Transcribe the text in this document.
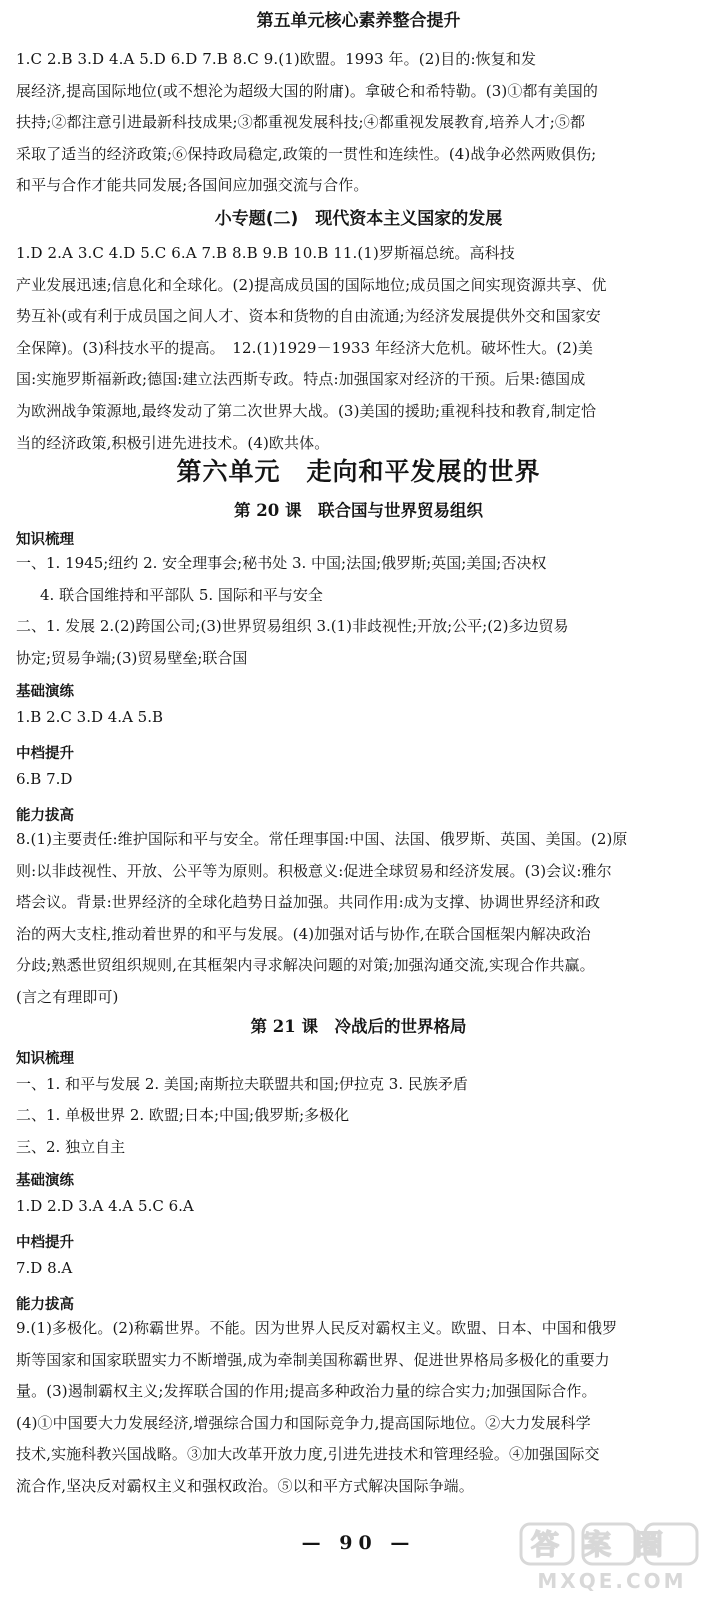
第五单元核心素养整合提升
1.C 2.B 3.D 4.A 5.D 6.D 7.B 8.C 9.(1)欧盟。1993 年。(2)目的:恢复和发
展经济,提高国际地位(或不想沦为超级大国的附庸)。拿破仑和希特勒。(3)①都有美国的
扶持;②都注意引进最新科技成果;③都重视发展科技;④都重视发展教育,培养人才;⑤都
采取了适当的经济政策;⑥保持政局稳定,政策的一贯性和连续性。(4)战争必然两败俱伤;
和平与合作才能共同发展;各国间应加强交流与合作。
小专题(二)　现代资本主义国家的发展
1.D 2.A 3.C 4.D 5.C 6.A 7.B 8.B 9.B 10.B 11.(1)罗斯福总统。高科技
产业发展迅速;信息化和全球化。(2)提高成员国的国际地位;成员国之间实现资源共享、优
势互补(或有利于成员国之间人才、资本和货物的自由流通;为经济发展提供外交和国家安
全保障)。(3)科技水平的提高。　12.(1)1929－1933 年经济大危机。破坏性大。(2)美
国:实施罗斯福新政;德国:建立法西斯专政。特点:加强国家对经济的干预。后果:德国成
为欧洲战争策源地,最终发动了第二次世界大战。(3)美国的援助;重视科技和教育,制定恰
当的经济政策,积极引进先进技术。(4)欧共体。
第六单元　走向和平发展的世界
第 20 课　联合国与世界贸易组织
知识梳理
一、1. 1945;纽约 2. 安全理事会;秘书处 3. 中国;法国;俄罗斯;英国;美国;否决权
4. 联合国维持和平部队 5. 国际和平与安全
二、1. 发展 2.(2)跨国公司;(3)世界贸易组织 3.(1)非歧视性;开放;公平;(2)多边贸易
协定;贸易争端;(3)贸易壁垒;联合国
基础演练
1.B 2.C 3.D 4.A 5.B
中档提升
6.B 7.D
能力拔高
8.(1)主要责任:维护国际和平与安全。常任理事国:中国、法国、俄罗斯、英国、美国。(2)原
则:以非歧视性、开放、公平等为原则。积极意义:促进全球贸易和经济发展。(3)会议:雅尔
塔会议。背景:世界经济的全球化趋势日益加强。共同作用:成为支撑、协调世界经济和政
治的两大支柱,推动着世界的和平与发展。(4)加强对话与协作,在联合国框架内解决政治
分歧;熟悉世贸组织规则,在其框架内寻求解决问题的对策;加强沟通交流,实现合作共赢。
(言之有理即可)
第 21 课　冷战后的世界格局
知识梳理
一、1. 和平与发展 2. 美国;南斯拉夫联盟共和国;伊拉克 3. 民族矛盾
二、1. 单极世界 2. 欧盟;日本;中国;俄罗斯;多极化
三、2. 独立自主
基础演练
1.D 2.D 3.A 4.A 5.C 6.A
中档提升
7.D 8.A
能力拔高
9.(1)多极化。(2)称霸世界。不能。因为世界人民反对霸权主义。欧盟、日本、中国和俄罗
斯等国家和国家联盟实力不断增强,成为牵制美国称霸世界、促进世界格局多极化的重要力
量。(3)遏制霸权主义;发挥联合国的作用;提高多种政治力量的综合实力;加强国际合作。
(4)①中国要大力发展经济,增强综合国力和国际竞争力,提高国际地位。②大力发展科学
技术,实施科教兴国战略。③加大改革开放力度,引进先进技术和管理经验。④加强国际交
流合作,坚决反对霸权主义和强权政治。⑤以和平方式解决国际争端。
— 90 —	答案圈
MXQE.COM
